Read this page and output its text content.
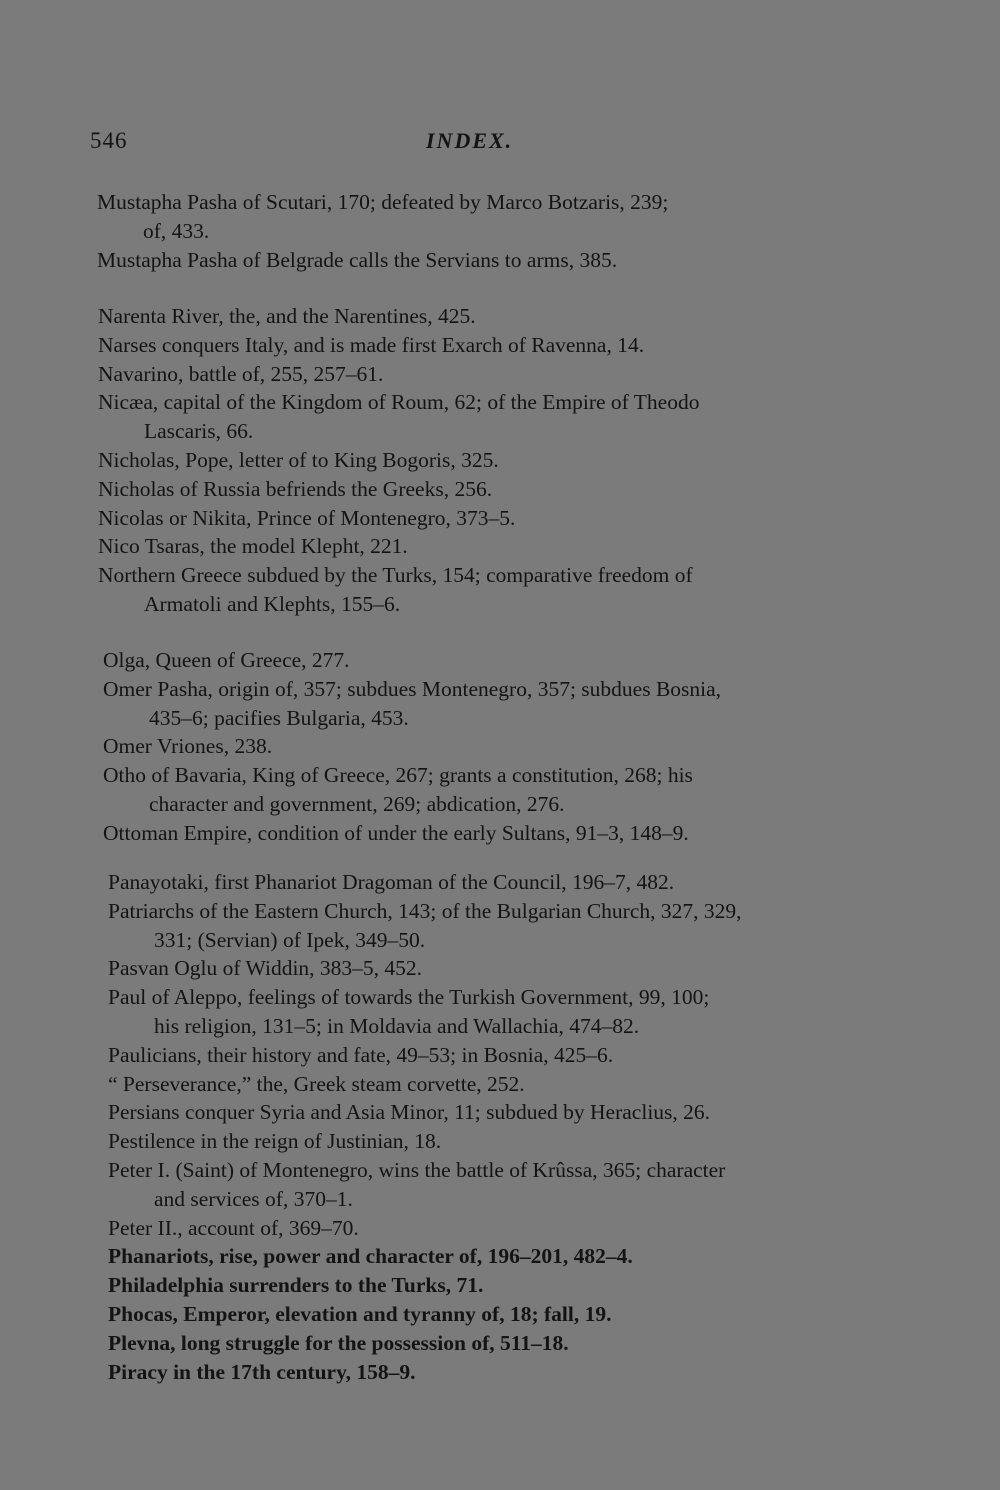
546	INDEX.

Mustapha Pasha of Scutari, 170; defeated by Marco Botzaris, 239;
of, 433.

Mustapha Pasha of Belgrade calls the Servians to arms, 385.

Narenta River, the, and the Narentines, 425.

Narses conquers Italy, and is made first Exarch of Ravenna, 14.

Navarino, battle of, 255, 257–61.

Nicæa, capital of the Kingdom of Roum, 62; of the Empire of Theodo
Lascaris, 66.

Nicholas, Pope, letter of to King Bogoris, 325.

Nicholas of Russia befriends the Greeks, 256.

Nicolas or Nikita, Prince of Montenegro, 373–5.

Nico Tsaras, the model Klepht, 221.

Northern Greece subdued by the Turks, 154; comparative freedom of
Armatoli and Klephts, 155–6.

Olga, Queen of Greece, 277.

Omer Pasha, origin of, 357; subdues Montenegro, 357; subdues Bosnia,
435–6; pacifies Bulgaria, 453.

Omer Vriones, 238.

Otho of Bavaria, King of Greece, 267; grants a constitution, 268; his
character and government, 269; abdication, 276.

Ottoman Empire, condition of under the early Sultans, 91–3, 148–9.

Panayotaki, first Phanariot Dragoman of the Council, 196–7, 482.

Patriarchs of the Eastern Church, 143; of the Bulgarian Church, 327, 329,
331; (Servian) of Ipek, 349–50.

Pasvan Oglu of Widdin, 383–5, 452.

Paul of Aleppo, feelings of towards the Turkish Government, 99, 100;
his religion, 131–5; in Moldavia and Wallachia, 474–82.

Paulicians, their history and fate, 49–53; in Bosnia, 425–6.

“ Perseverance,” the, Greek steam corvette, 252.

Persians conquer Syria and Asia Minor, 11; subdued by Heraclius, 26.

Pestilence in the reign of Justinian, 18.

Peter I. (Saint) of Montenegro, wins the battle of Krûssa, 365; character
and services of, 370–1.

Peter II., account of, 369–70.

Phanariots, rise, power and character of, 196–201, 482–4.

Philadelphia surrenders to the Turks, 71.

Phocas, Emperor, elevation and tyranny of, 18; fall, 19.

Plevna, long struggle for the possession of, 511–18.

Piracy in the 17th century, 158–9.
